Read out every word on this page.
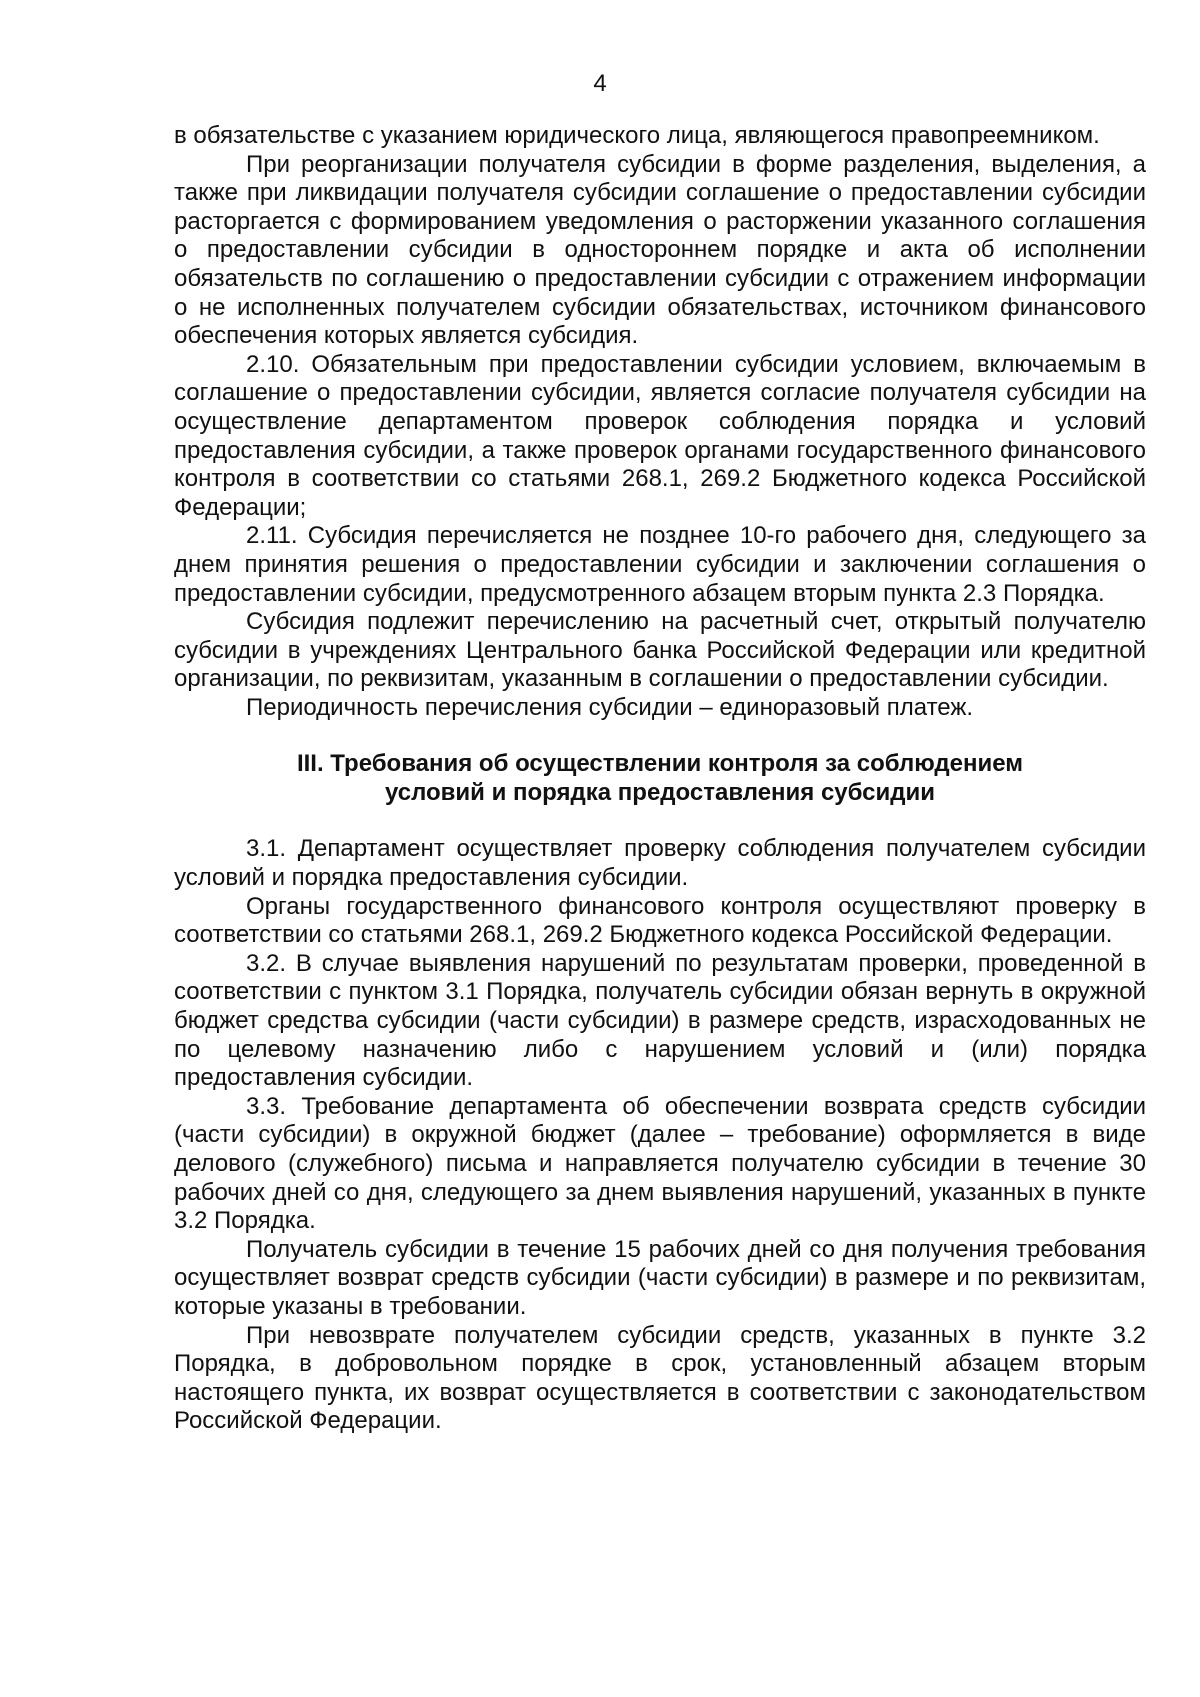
4

в обязательстве с указанием юридического лица, являющегося правопреемником.

При реорганизации получателя субсидии в форме разделения, выделения, а также при ликвидации получателя субсидии соглашение о предоставлении субсидии расторгается с формированием уведомления о расторжении указанного соглашения о предоставлении субсидии в одностороннем порядке и акта об исполнении обязательств по соглашению о предоставлении субсидии с отражением информации о не исполненных получателем субсидии обязательствах, источником финансового обеспечения которых является субсидия.

2.10. Обязательным при предоставлении субсидии условием, включаемым в соглашение о предоставлении субсидии, является согласие получателя субсидии на осуществление департаментом проверок соблюдения порядка и условий предоставления субсидии, а также проверок органами государственного финансового контроля в соответствии со статьями 268.1, 269.2 Бюджетного кодекса Российской Федерации;

2.11. Субсидия перечисляется не позднее 10-го рабочего дня, следующего за днем принятия решения о предоставлении субсидии и заключении соглашения о предоставлении субсидии, предусмотренного абзацем вторым пункта 2.3 Порядка.

Субсидия подлежит перечислению на расчетный счет, открытый получателю субсидии в учреждениях Центрального банка Российской Федерации или кредитной организации, по реквизитам, указанным в соглашении о предоставлении субсидии.

Периодичность перечисления субсидии – единоразовый платеж.

III. Требования об осуществлении контроля за соблюдением
условий и порядка предоставления субсидии

3.1. Департамент осуществляет проверку соблюдения получателем субсидии условий и порядка предоставления субсидии.

Органы государственного финансового контроля осуществляют проверку в соответствии со статьями 268.1, 269.2 Бюджетного кодекса Российской Федерации.

3.2. В случае выявления нарушений по результатам проверки, проведенной в соответствии с пунктом 3.1 Порядка, получатель субсидии обязан вернуть в окружной бюджет средства субсидии (части субсидии) в размере средств, израсходованных не по целевому назначению либо с нарушением условий и (или) порядка предоставления субсидии.

3.3. Требование департамента об обеспечении возврата средств субсидии (части субсидии) в окружной бюджет (далее – требование) оформляется в виде делового (служебного) письма и направляется получателю субсидии в течение 30 рабочих дней со дня, следующего за днем выявления нарушений, указанных в пункте 3.2 Порядка.

Получатель субсидии в течение 15 рабочих дней со дня получения требования осуществляет возврат средств субсидии (части субсидии) в размере и по реквизитам, которые указаны в требовании.

При невозврате получателем субсидии средств, указанных в пункте 3.2 Порядка, в добровольном порядке в срок, установленный абзацем вторым настоящего пункта, их возврат осуществляется в соответствии с законодательством Российской Федерации.
